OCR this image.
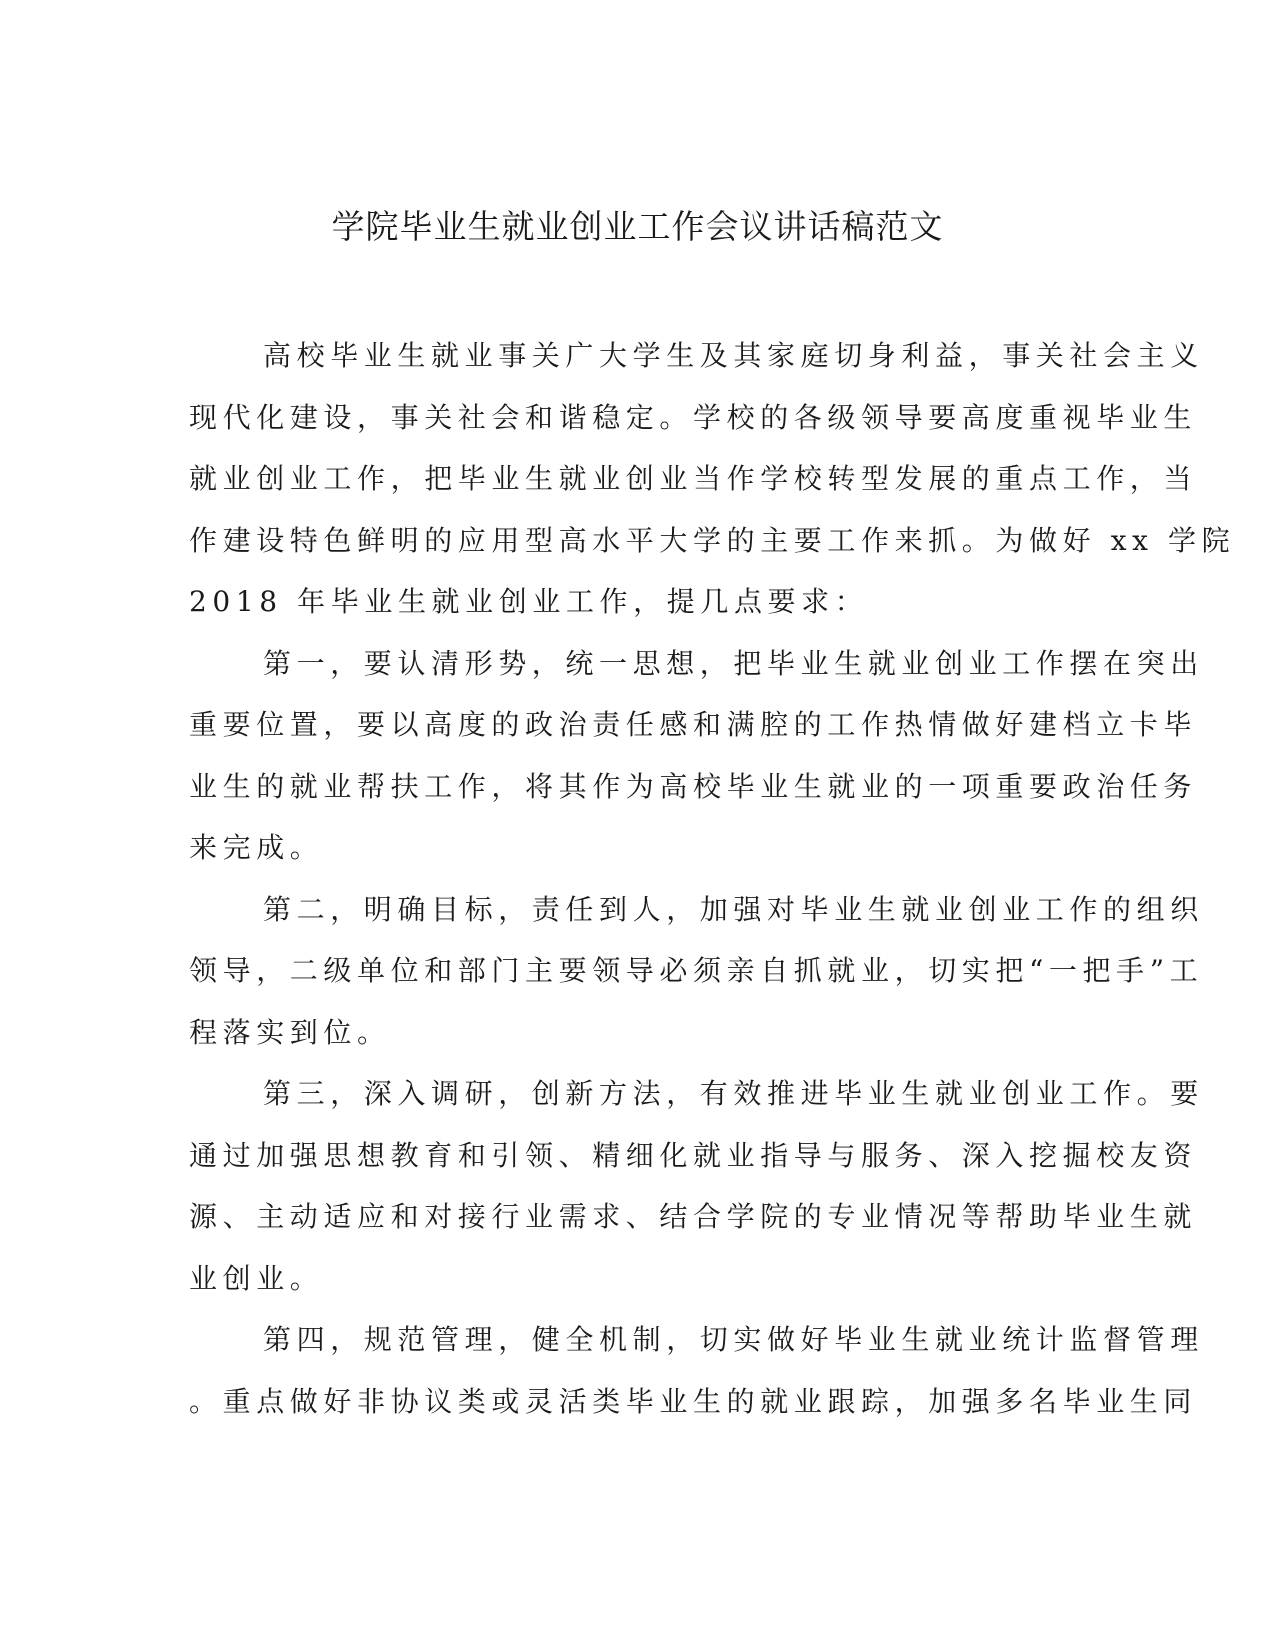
学院毕业生就业创业工作会议讲话稿范文
高校毕业生就业事关广大学生及其家庭切身利益，事关社会主义
现代化建设，事关社会和谐稳定。学校的各级领导要高度重视毕业生
就业创业工作，把毕业生就业创业当作学校转型发展的重点工作，当
作建设特色鲜明的应用型高水平大学的主要工作来抓。为做好 xx 学院
2018 年毕业生就业创业工作，提几点要求：
第一，要认清形势，统一思想，把毕业生就业创业工作摆在突出
重要位置，要以高度的政治责任感和满腔的工作热情做好建档立卡毕
业生的就业帮扶工作，将其作为高校毕业生就业的一项重要政治任务
来完成。
第二，明确目标，责任到人，加强对毕业生就业创业工作的组织
领导，二级单位和部门主要领导必须亲自抓就业，切实把“一把手”工
程落实到位。
第三，深入调研，创新方法，有效推进毕业生就业创业工作。要
通过加强思想教育和引领、精细化就业指导与服务、深入挖掘校友资
源、主动适应和对接行业需求、结合学院的专业情况等帮助毕业生就
业创业。
第四，规范管理，健全机制，切实做好毕业生就业统计监督管理
。重点做好非协议类或灵活类毕业生的就业跟踪，加强多名毕业生同
